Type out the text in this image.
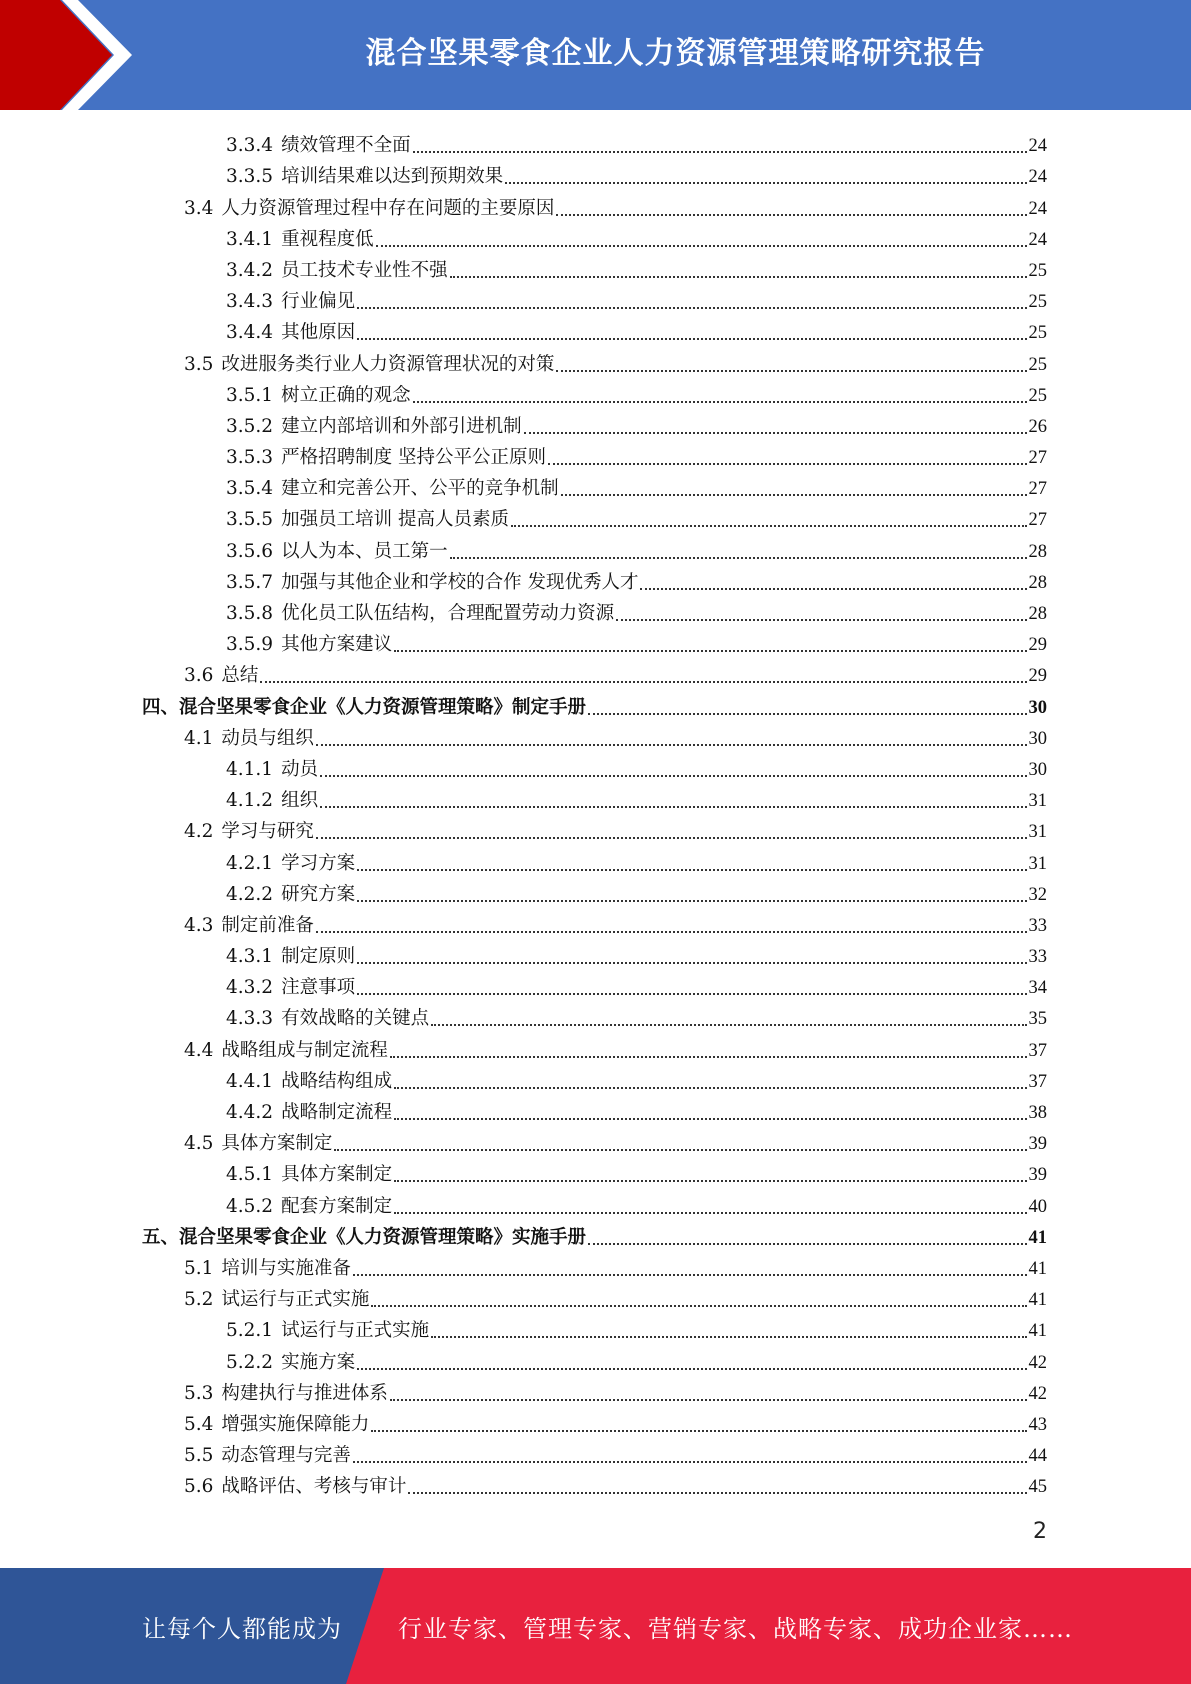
混合坚果零食企业人力资源管理策略研究报告
3.3.4 绩效管理不全面	24
3.3.5 培训结果难以达到预期效果	24
3.4 人力资源管理过程中存在问题的主要原因	24
3.4.1 重视程度低	24
3.4.2 员工技术专业性不强	25
3.4.3 行业偏见	25
3.4.4 其他原因	25
3.5 改进服务类行业人力资源管理状况的对策	25
3.5.1 树立正确的观念	25
3.5.2 建立内部培训和外部引进机制	26
3.5.3 严格招聘制度 坚持公平公正原则	27
3.5.4 建立和完善公开、公平的竞争机制	27
3.5.5 加强员工培训 提高人员素质	27
3.5.6 以人为本、员工第一	28
3.5.7 加强与其他企业和学校的合作 发现优秀人才	28
3.5.8 优化员工队伍结构，合理配置劳动力资源	28
3.5.9 其他方案建议	29
3.6 总结	29
四、混合坚果零食企业《人力资源管理策略》制定手册	30
4.1 动员与组织	30
4.1.1 动员	30
4.1.2 组织	31
4.2 学习与研究	31
4.2.1 学习方案	31
4.2.2 研究方案	32
4.3 制定前准备	33
4.3.1 制定原则	33
4.3.2 注意事项	34
4.3.3 有效战略的关键点	35
4.4 战略组成与制定流程	37
4.4.1 战略结构组成	37
4.4.2 战略制定流程	38
4.5 具体方案制定	39
4.5.1 具体方案制定	39
4.5.2 配套方案制定	40
五、混合坚果零食企业《人力资源管理策略》实施手册	41
5.1 培训与实施准备	41
5.2 试运行与正式实施	41
5.2.1 试运行与正式实施	41
5.2.2 实施方案	42
5.3 构建执行与推进体系	42
5.4 增强实施保障能力	43
5.5 动态管理与完善	44
5.6 战略评估、考核与审计	45
2
让每个人都能成为 行业专家、管理专家、营销专家、战略专家、成功企业家……
